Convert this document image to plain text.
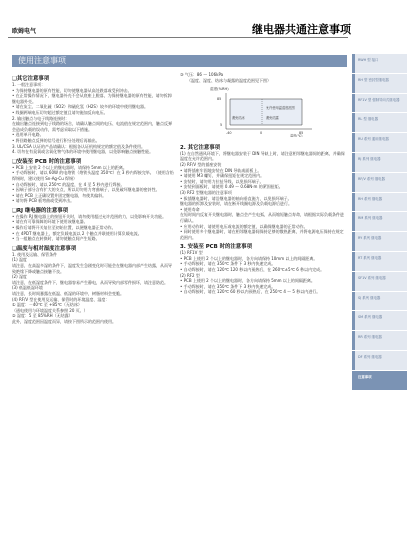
欧姆电气	继电器共通注意事项
使用注意事项
❑其它注意事项
1. 一般注意事项：
• 为保持继电器的原有性能，切勿使继电器从高处跌落或受到冲击。
• 在正常操作情况下，继电器外壳不会从底座上脱落，为保持继电器的原有性能，请勿拆卸继电器外壳。
• 请在灰尘、二氧化硫（SO2）和硫化氢（H2S）较多的环境中使用继电器。
• 线圈两端电压切勿超过额定值且请勿施加反向电压。
2. 输出触点与电子线路连接时：
在输出触点连接到电子线路的场合，请确认触点间的电压、电流值在规定范围内，触点反弹会造成负载的误动作，需考虑采取以下措施。
• 选用单开电路。
• 将回路触点反弹的信号进行积分处理后再输出。
3. UL/CSA 认证的产品请确认：根据各认证机构规定的额定值及条件使用。
4. 切勿在有臭氧或含氧化物气体的环境中使用继电器，以免影响触点接触性能。
❑安装至 PCB 时的注意事项
• PCB 上安装 2 个以上的继电器时，请保持 5mm 以上的距离。
• 手动焊接时，请以 60W 的电烙铁（烙铁头温度 350℃）在 3 秒内焊接完毕。（使用含铅焊锡时，建议使用 Sn-Ag-Cu 焊锡）
• 自动焊接时，请以 250℃ 的温度，在 4 至 5 秒内进行焊接。
• 因端子部分含有扩大的支点，所以切勿用力弯曲端子，以免破坏继电器的密封性。
• 请在 PCB 上正确设置并固定继电器，勿使其偏斜。
• 请勿将 PCB 板弯曲或受到冲击。
❑RJ 继电器的注意事项
• 在操作 RJ 继电器上的按钮开关时，请勿使用超过允许范围的力，以免影响开关功能。
• 请在有可靠保障的环境下使用该继电器。
• 操作后请将开关复位至初始位置，以便继电器正常动作。
• 在 4PDT 继电器上，额定负载电流以 2 个触点并联使用计算负载电流。
• 当一组触点在转换时，请勿使触点间产生短路。
❑温度与相对湿度注意事项
1. 使用及运输、保管条件
(1) 温度
请注意，在高温多湿的条件下，温度发生急剧变化时可能会在继电器内部产生结露，从而导致绝缘下降或触点接触不良。
(2) 湿度
请注意，在低湿度条件下，继电器容易产生静电，从而导致内部零件损坏，请注意防范。
(3) 低温低湿环境
请注意，长时间暴露在低温、低湿的环境中，树脂材料会变脆。
(4) RF/V 型在使用及运输、保管时的环境温度、湿度：
① 温度：－40℃ 至 +85℃（无结冰）
（通电使用与环境温度关系参照 20 页。）
② 湿度：5 至 85%RH（无结露）
此外，湿度范围因温度而异，请按下图所示的范围内使用。
③ 气压：86 ～ 106kPa
（温度、湿度、结冰与凝露的温度范围见下图）
湿度(%RH)
允许使用温湿度范围
避免结露
避免结冰
85
5
-40	0	85
温度(℃)
2. 其它注意事项
(1) 在自然通风环境下，将继电器安装于 DIN 导轨上时，请注意相邻继电器间的距离，并确保温度在允许范围内。
(2) RF/V 型的插座安装
• 请将插座牢固地安装在 DIN 导轨或面板上。
• 请使用 M3 螺钉，并确保扭矩在规定范围内。
• 安装时，请勿用力拉扯导线，以免损坏端子。
• 安装到面板时，请使用 0.49 ～ 0.68N·m 的紧固扭矩。
(3) RF2 型继电器的注意事项
• 拔插继电器时，请沿继电器的轴向垂直施力，以免损坏端子。
继电器的拆卸及安装时，请在断开线圈电源及负载电源后进行。
• 使用寿命
在短时间内反复开关继电器时，触点会产生电弧，从而缩短触点寿命，请根据实际负载条件进行确认。
• 应用动作时，请使用电压或电流的额定值，以确保继电器的正常动作。
• 同时使用多个继电器时，请在相邻继电器间保持足够的散热距离，并将电源电压保持在规定范围内。
3. 安装至 PCB 时的注意事项
(1) RF1V 型
• PCB 上使用 2 个以上的继电器时，各方向请保持 10mm 以上的间隔距离。
• 手动焊接时，请在 350℃ 条件下 3 秒内快速完成。
• 自动焊接时，请在 120℃ 120 秒以内预热后，在 260℃±5℃ 6 秒以内完成。
(2) RF2 型
• PCB 上使用 2 个以上的继电器时，各方向请保持 5mm 以上的间隔距离。
• 手动焊接时，请在 350℃ 条件下 3 秒内快速完成。
• 自动焊接时，请在 120℃ 60 秒以内预热后，在 250℃ 4 ～ 5 秒以内进行。
RWH 型 接口
RH 型 密封型继电器
RF1V 型 强制导向式继电器
RL 型 继电器
RU 系列 通用继电器
RJ 系列 继电器
RF/V 系列 继电器
RH 系列 继电器
RM 系列 继电器
RY 系列 继电器
RT 系列 继电器
SF1V 系列 继电器
SJ 系列 继电器
SM 系列 继电器
RR 系列 继电器
DF 系列 继电器
注意事项
